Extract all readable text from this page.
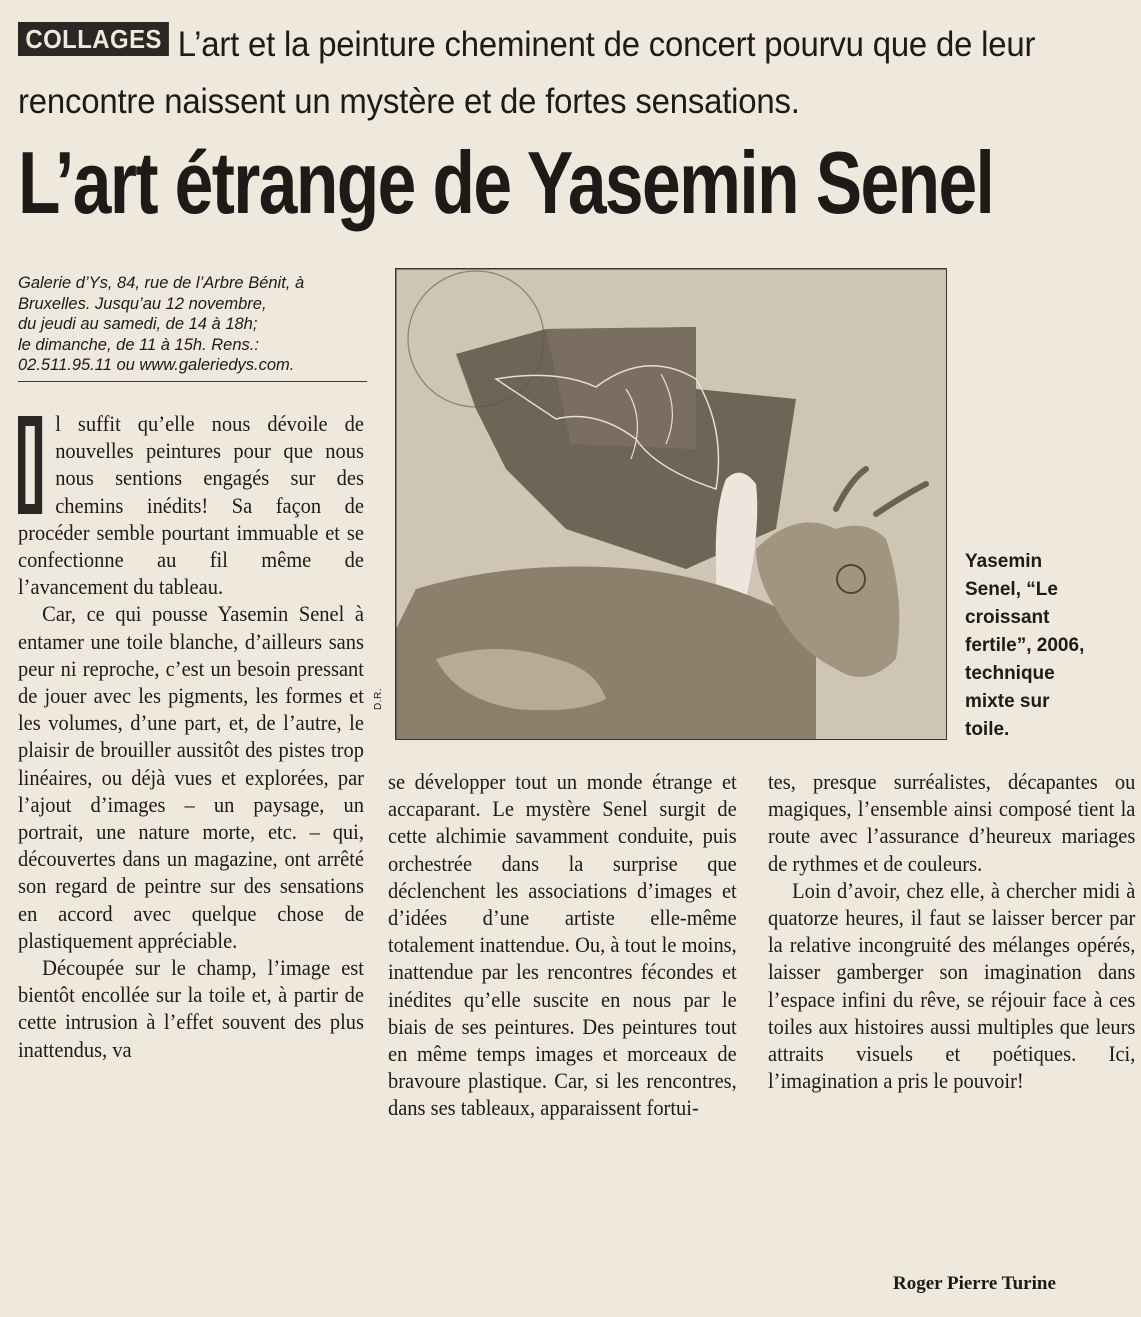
L’art et la peinture cheminent de concert pourvu que de leur rencontre naissent un mystère et de fortes sensations.
COLLAGES
L’art étrange de Yasemin Senel
Galerie d’Ys, 84, rue de l’Arbre Bénit, à
Bruxelles. Jusqu’au 12 novembre,
du jeudi au samedi, de 14 à 18h;
le dimanche, de 11 à 15h. Rens.:
02.511.95.11 ou www.galeriedys.com.
D.R.
Yasemin
Senel, “Le
croissant
fertile”, 2006,
technique
mixte sur
toile.

l suffit qu’elle nous dévoile de nouvelles peintures pour que nous nous sentions engagés sur des chemins inédits! Sa façon de procéder semble pourtant immuable et se confectionne au fil même de l’avancement du tableau.

Car, ce qui pousse Yasemin Senel à entamer une toile blanche, d’ailleurs sans peur ni reproche, c’est un besoin pressant de jouer avec les pigments, les formes et les volumes, d’une part, et, de l’autre, le plaisir de brouiller aussitôt des pistes trop linéaires, ou déjà vues et explorées, par l’ajout d’images – un paysage, un portrait, une nature morte, etc. – qui, découvertes dans un magazine, ont arrêté son regard de peintre sur des sensations en accord avec quelque chose de plastiquement appréciable.

Découpée sur le champ, l’image est bientôt encollée sur la toile et, à partir de cette intrusion à l’effet souvent des plus inattendus, va

se développer tout un monde étrange et accaparant. Le mystère Senel surgit de cette alchimie savamment conduite, puis orchestrée dans la surprise que déclenchent les associations d’images et d’idées d’une artiste elle-même totalement inattendue. Ou, à tout le moins, inattendue par les rencontres fécondes et inédites qu’elle suscite en nous par le biais de ses peintures. Des peintures tout en même temps images et morceaux de bravoure plastique. Car, si les rencontres, dans ses tableaux, apparaissent fortui-

tes, presque surréalistes, décapantes ou magiques, l’ensemble ainsi composé tient la route avec l’assurance d’heureux mariages de rythmes et de couleurs.

Loin d’avoir, chez elle, à chercher midi à quatorze heures, il faut se laisser bercer par la relative incongruité des mélanges opérés, laisser gamberger son imagination dans l’espace infini du rêve, se réjouir face à ces toiles aux histoires aussi multiples que leurs attraits visuels et poétiques. Ici, l’imagination a pris le pouvoir!

Roger Pierre Turine
